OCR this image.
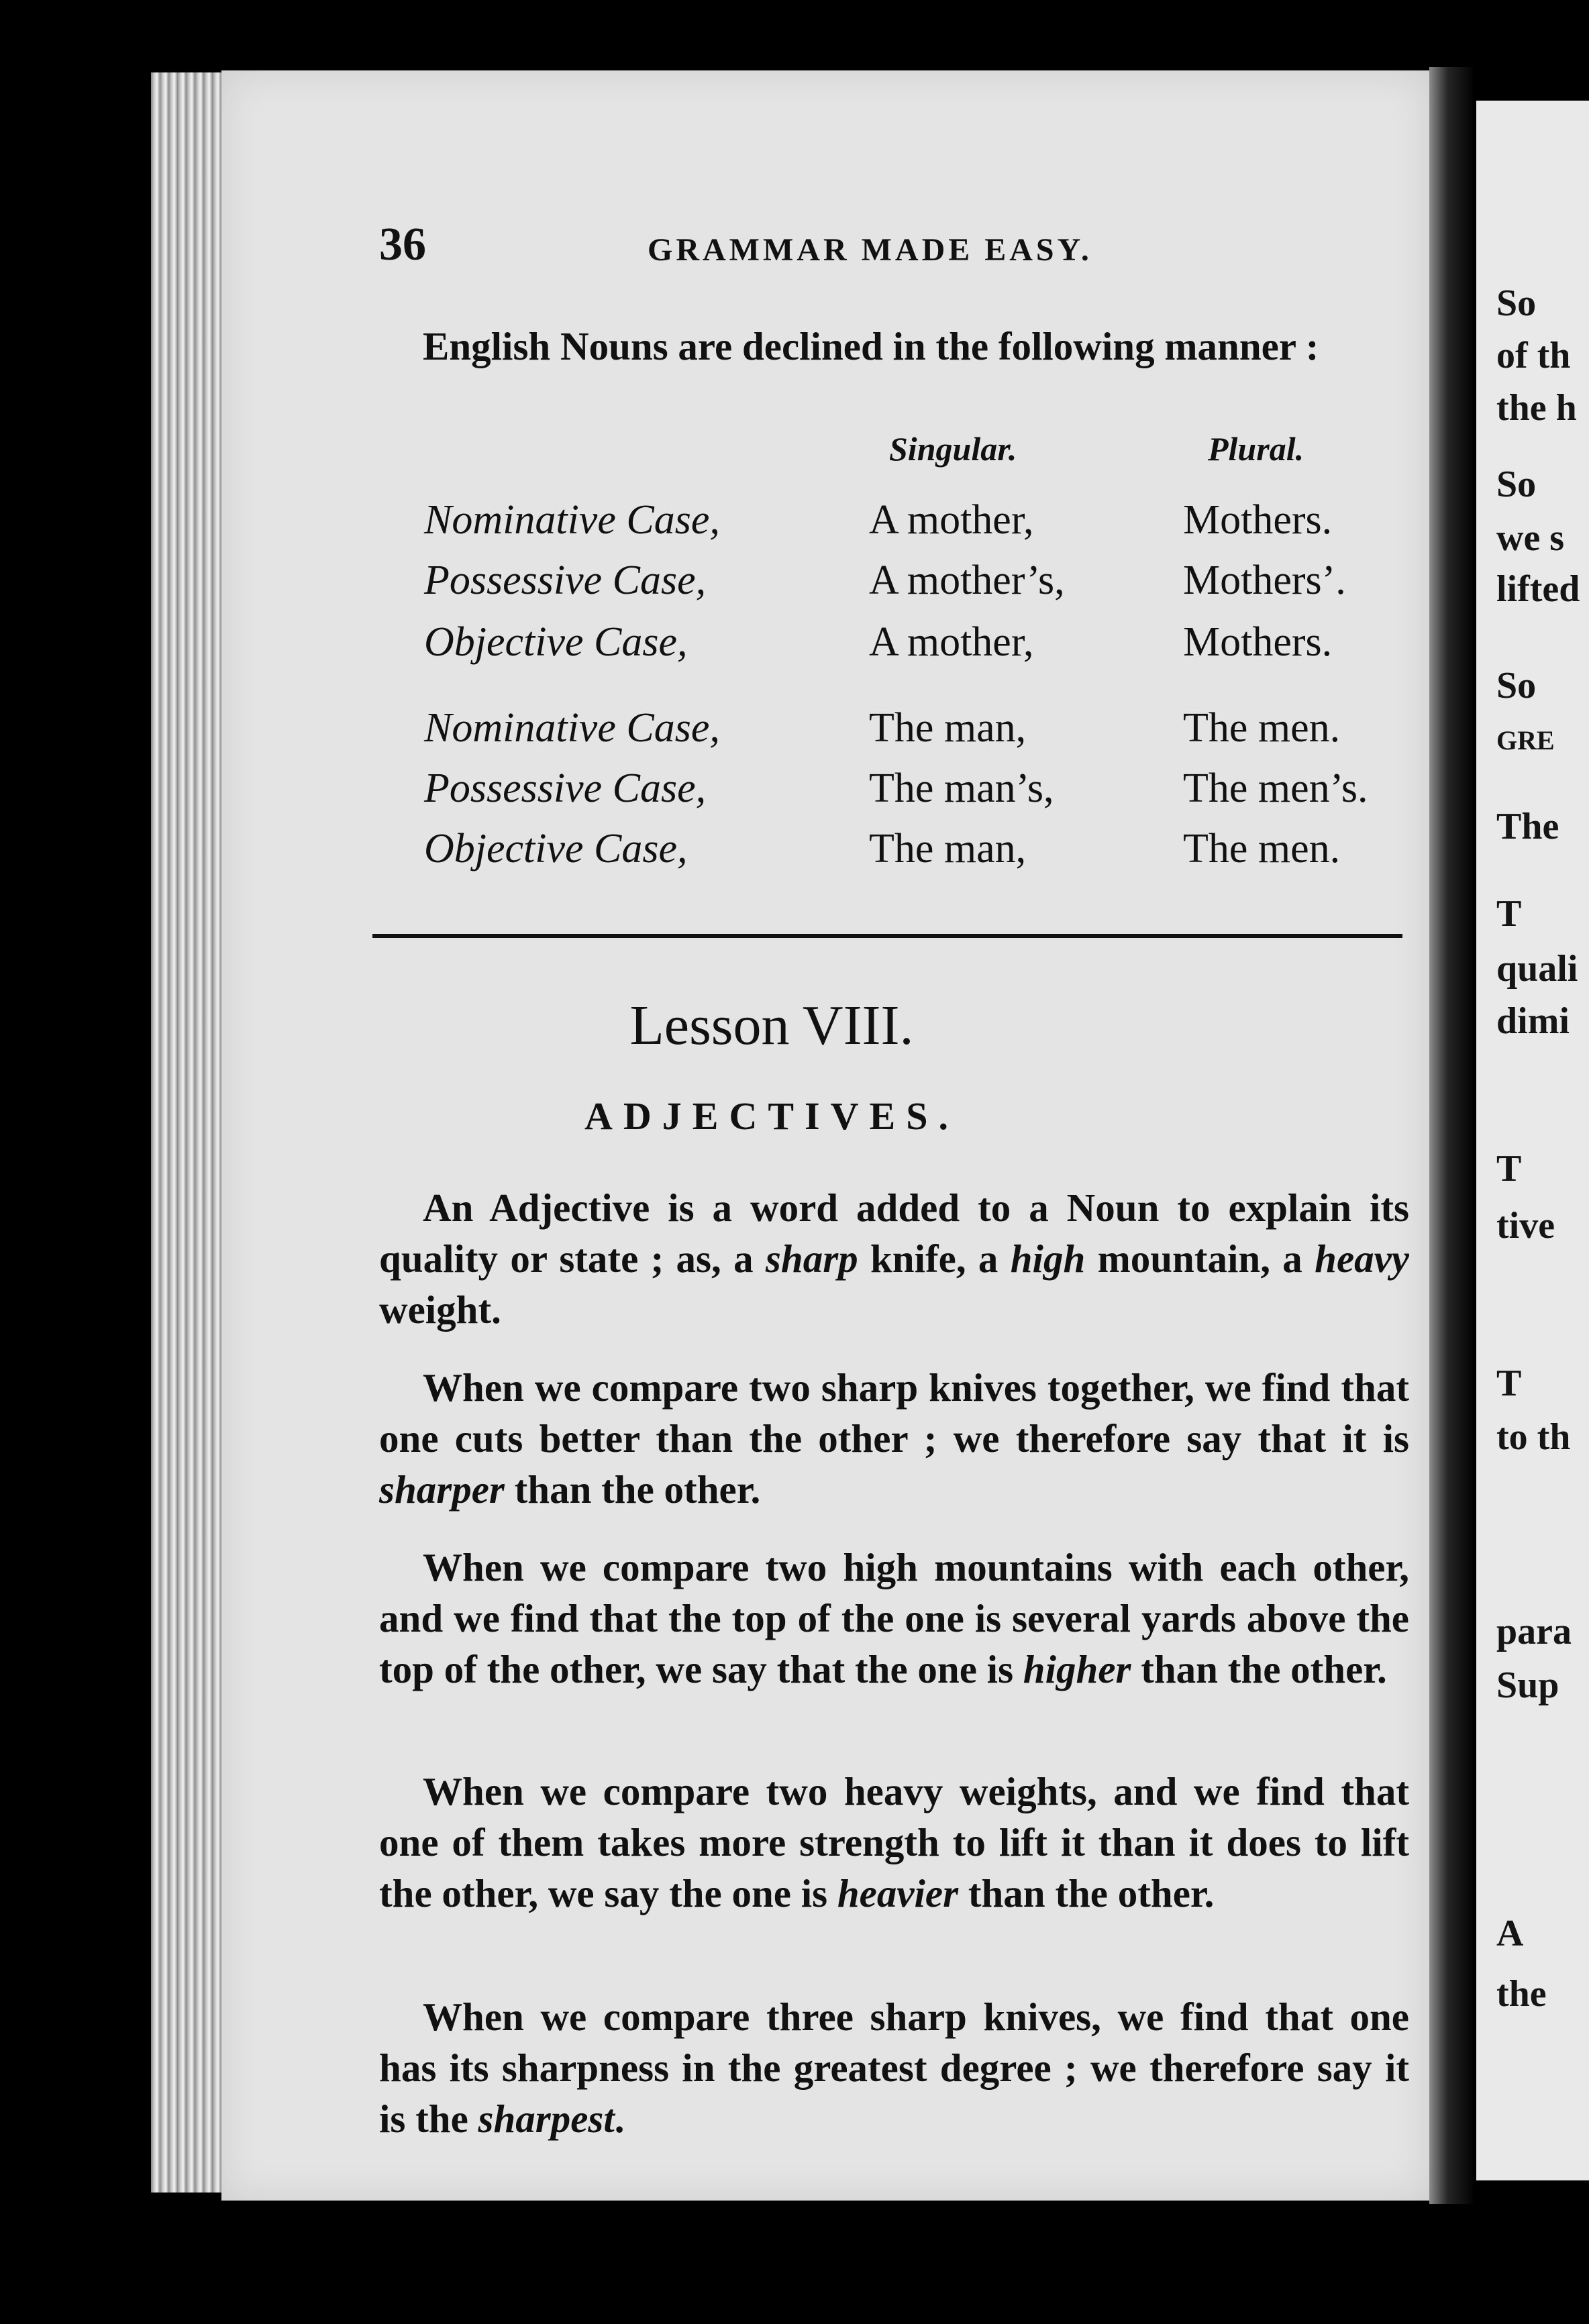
So
of th
the h
So
we s
lifted
So
GRE
The
T
quali
dimi
T
tive
T
to th
para
Sup
A
the
36	GRAMMAR MADE EASY.
English Nouns are declined in the following manner :
Singular.	Plural.
Nominative Case,	A mother,	Mothers.
Possessive Case,	A mother’s,	Mothers’.
Objective Case,	A mother,	Mothers.
Nominative Case,	The man,	The men.
Possessive Case,	The man’s,	The men’s.
Objective Case,	The man,	The men.
Lesson VIII.
ADJECTIVES.
An Adjective is a word added to a Noun to explain its quality or state ; as, a sharp knife, a high mountain, a heavy weight.
When we compare two sharp knives together, we find that one cuts better than the other ; we therefore say that it is sharper than the other.
When we compare two high mountains with each other, and we find that the top of the one is several yards above the top of the other, we say that the one is higher than the other.
When we compare two heavy weights, and we find that one of them takes more strength to lift it than it does to lift the other, we say the one is heavier than the other.
When we compare three sharp knives, we find that one has its sharpness in the greatest degree ; we therefore say it is the sharpest.
